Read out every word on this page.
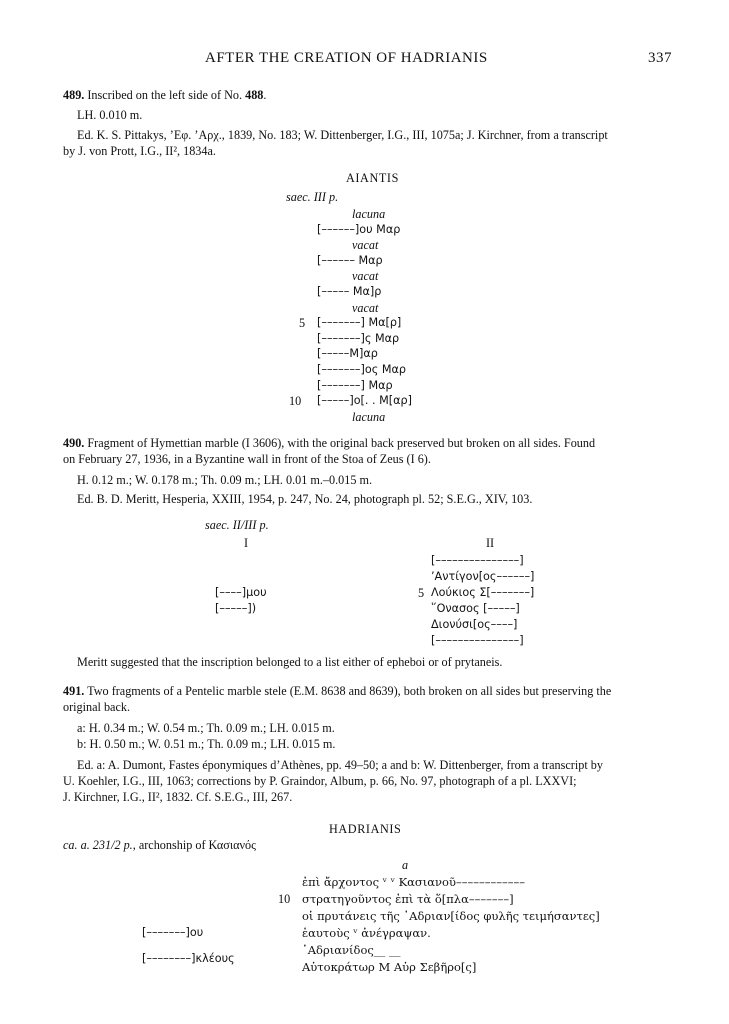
AFTER THE CREATION OF HADRIANIS	337
489. Inscribed on the left side of No. 488.
LH. 0.010 m.
Ed. K. S. Pittakys, ’Εφ. ’Αρχ., 1839, No. 183; W. Dittenberger, I.G., III, 1075a; J. Kirchner, from a transcript
by J. von Prott, I.G., II², 1834a.
AIANTIS
saec. III p.
lacuna
[––––––]ου Μαρ
vacat
[–––––– Μαρ
vacat
[––––– Μα]ρ
vacat
[–––––––] Μα[ρ]
5
[–––––––]ς Μαρ
[–––––Μ]αρ
[–––––––]ος Μαρ
[–––––––] Μαρ
[–––––]ο[. . Μ[αρ]
10
lacuna
490. Fragment of Hymettian marble (I 3606), with the original back preserved but broken on all sides. Found
on February 27, 1936, in a Byzantine wall in front of the Stoa of Zeus (I 6).
H. 0.12 m.; W. 0.178 m.; Th. 0.09 m.; LH. 0.01 m.–0.015 m.
Ed. B. D. Meritt, Hesperia, XXIII, 1954, p. 247, No. 24, photograph pl. 52; S.E.G., XIV, 103.
saec. II/III p.
I	II
[––––]μου
[–––––])
[–––––––––––––––]
’Αντίγον[ος––––––]
Λούκιος Σ[–––––––]
5
῞Ονασος [–––––]
Διονύσι[ος––––]
[–––––––––––––––]
Meritt suggested that the inscription belonged to a list either of epheboi or of prytaneis.
491. Two fragments of a Pentelic marble stele (E.M. 8638 and 8639), both broken on all sides but preserving the
original back.
a: H. 0.34 m.; W. 0.54 m.; Th. 0.09 m.; LH. 0.015 m.
b: H. 0.50 m.; W. 0.51 m.; Th. 0.09 m.; LH. 0.015 m.
Ed. a: A. Dumont, Fastes éponymiques d’Athènes, pp. 49–50; a and b: W. Dittenberger, from a transcript by
U. Koehler, I.G., III, 1063; corrections by P. Graindor, Album, p. 66, No. 97, photograph of a pl. LXXVI;
J. Kirchner, I.G., II², 1832. Cf. S.E.G., III, 267.
HADRIANIS
ca. a. 231/2 p., archonship of Κασιανός
a
ἐπὶ ἄρχοντος ᵛ ᵛ Κασιανοῦ––––––––––––
στρατηγοῦντος ἐπὶ τὰ ὅ[πλα–––––––]
10
οἱ πρυτάνεις τῆς ῾Αδριαν[ίδος φυλῆς τειμήσαντες]
ἑαυτοὺς ᵛ ἀνέγραψαν.
῾Αδριανίδος__ __
Αὐτοκράτωρ Μ Αὐρ Σεβῆρο[ς]
[–––––––]ου
[––––––––]κλέους
